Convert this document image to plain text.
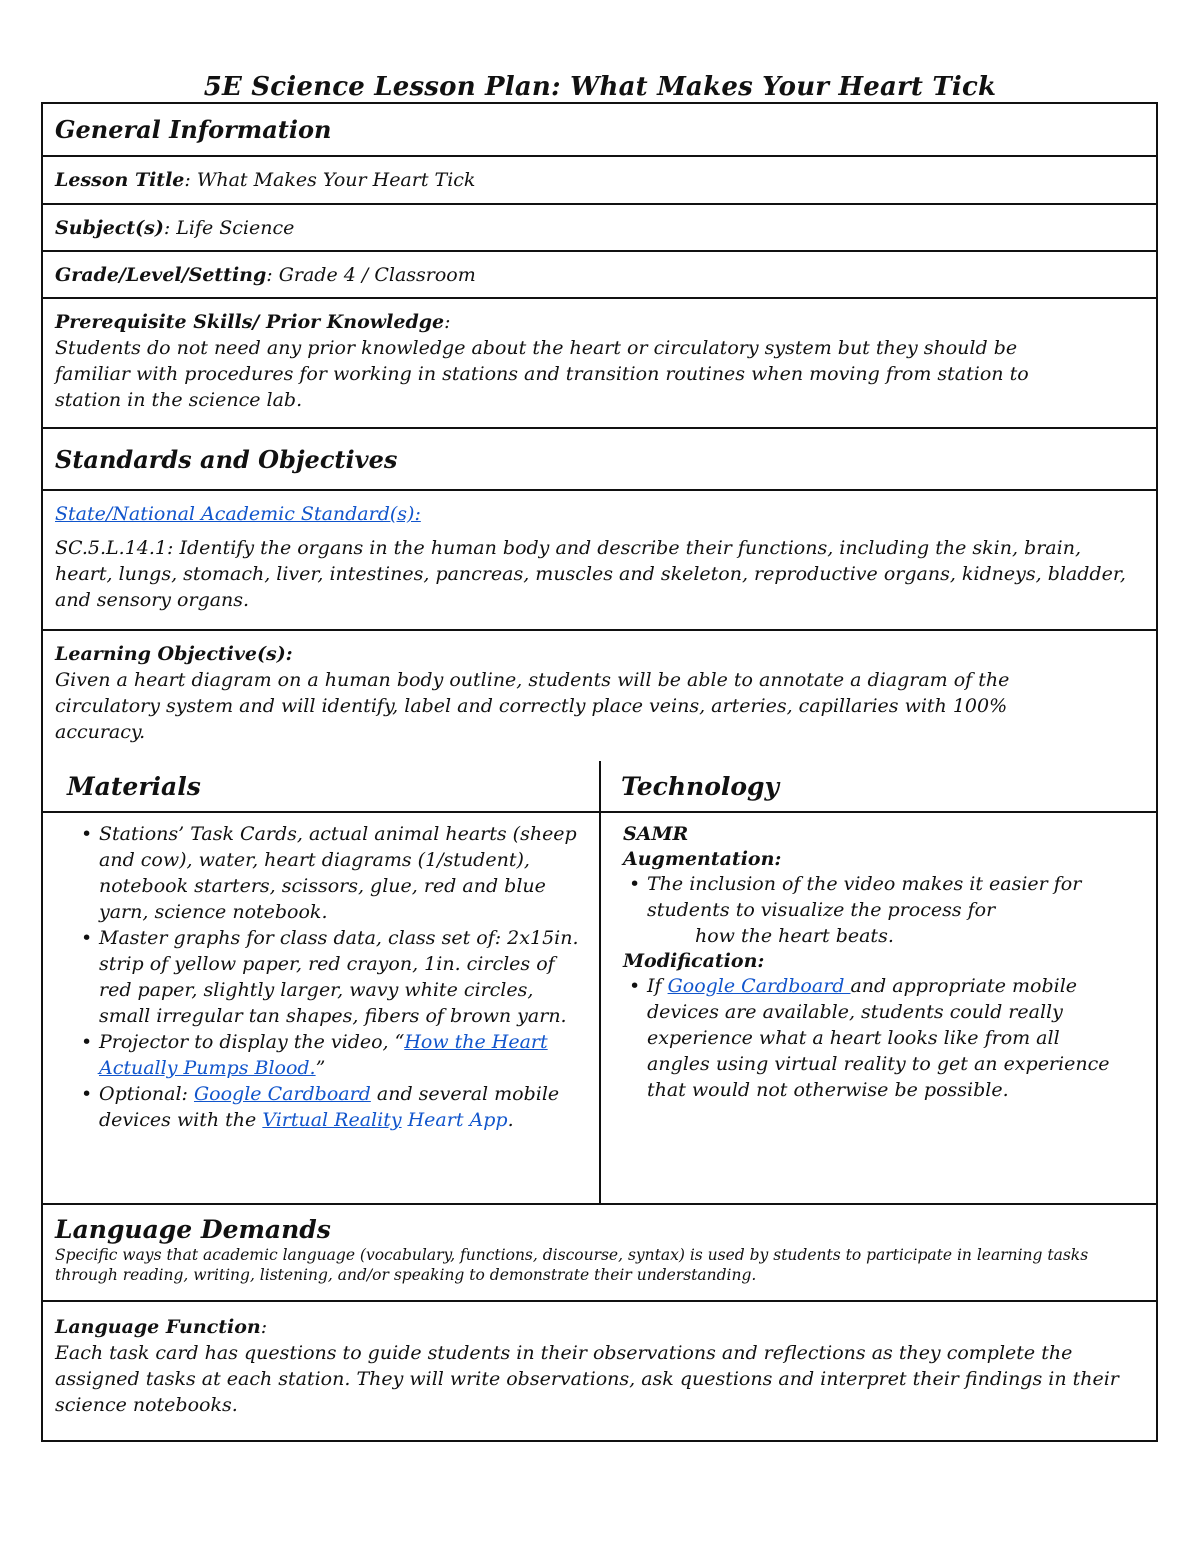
5E Science Lesson Plan: What Makes Your Heart Tick
General Information
Lesson Title: What Makes Your Heart Tick
Subject(s): Life Science
Grade/Level/Setting: Grade 4 / Classroom
Prerequisite Skills/ Prior Knowledge:
Students do not need any prior knowledge about the heart or circulatory system but they should be familiar with procedures for working in stations and transition routines when moving from station to station in the science lab.
Standards and Objectives
State/National Academic Standard(s):
SC.5.L.14.1: Identify the organs in the human body and describe their functions, including the skin, brain, heart, lungs, stomach, liver, intestines, pancreas, muscles and skeleton, reproductive organs, kidneys, bladder, and sensory organs.
Learning Objective(s):
Given a heart diagram on a human body outline, students will be able to annotate a diagram of the circulatory system and will identify, label and correctly place veins, arteries, capillaries with 100% accuracy.
Materials
• Stations’ Task Cards, actual animal hearts (sheep and cow), water, heart diagrams (1/student), notebook starters, scissors, glue, red and blue yarn, science notebook.
• Master graphs for class data, class set of: 2x15in. strip of yellow paper, red crayon, 1in. circles of red paper, slightly larger, wavy white circles, small irregular tan shapes, fibers of brown yarn.
• Projector to display the video, “How the Heart Actually Pumps Blood.”
• Optional: Google Cardboard and several mobile devices with the Virtual Reality Heart App.
Technology
SAMR
Augmentation:
• The inclusion of the video makes it easier for students to visualize the process for
how the heart beats.
Modification:
• If Google Cardboard and appropriate mobile devices are available, students could really experience what a heart looks like from all angles using virtual reality to get an experience that would not otherwise be possible.
Language Demands
Specific ways that academic language (vocabulary, functions, discourse, syntax) is used by students to participate in learning tasks through reading, writing, listening, and/or speaking to demonstrate their understanding.
Language Function:
Each task card has questions to guide students in their observations and reflections as they complete the assigned tasks at each station. They will write observations, ask questions and interpret their findings in their science notebooks.
